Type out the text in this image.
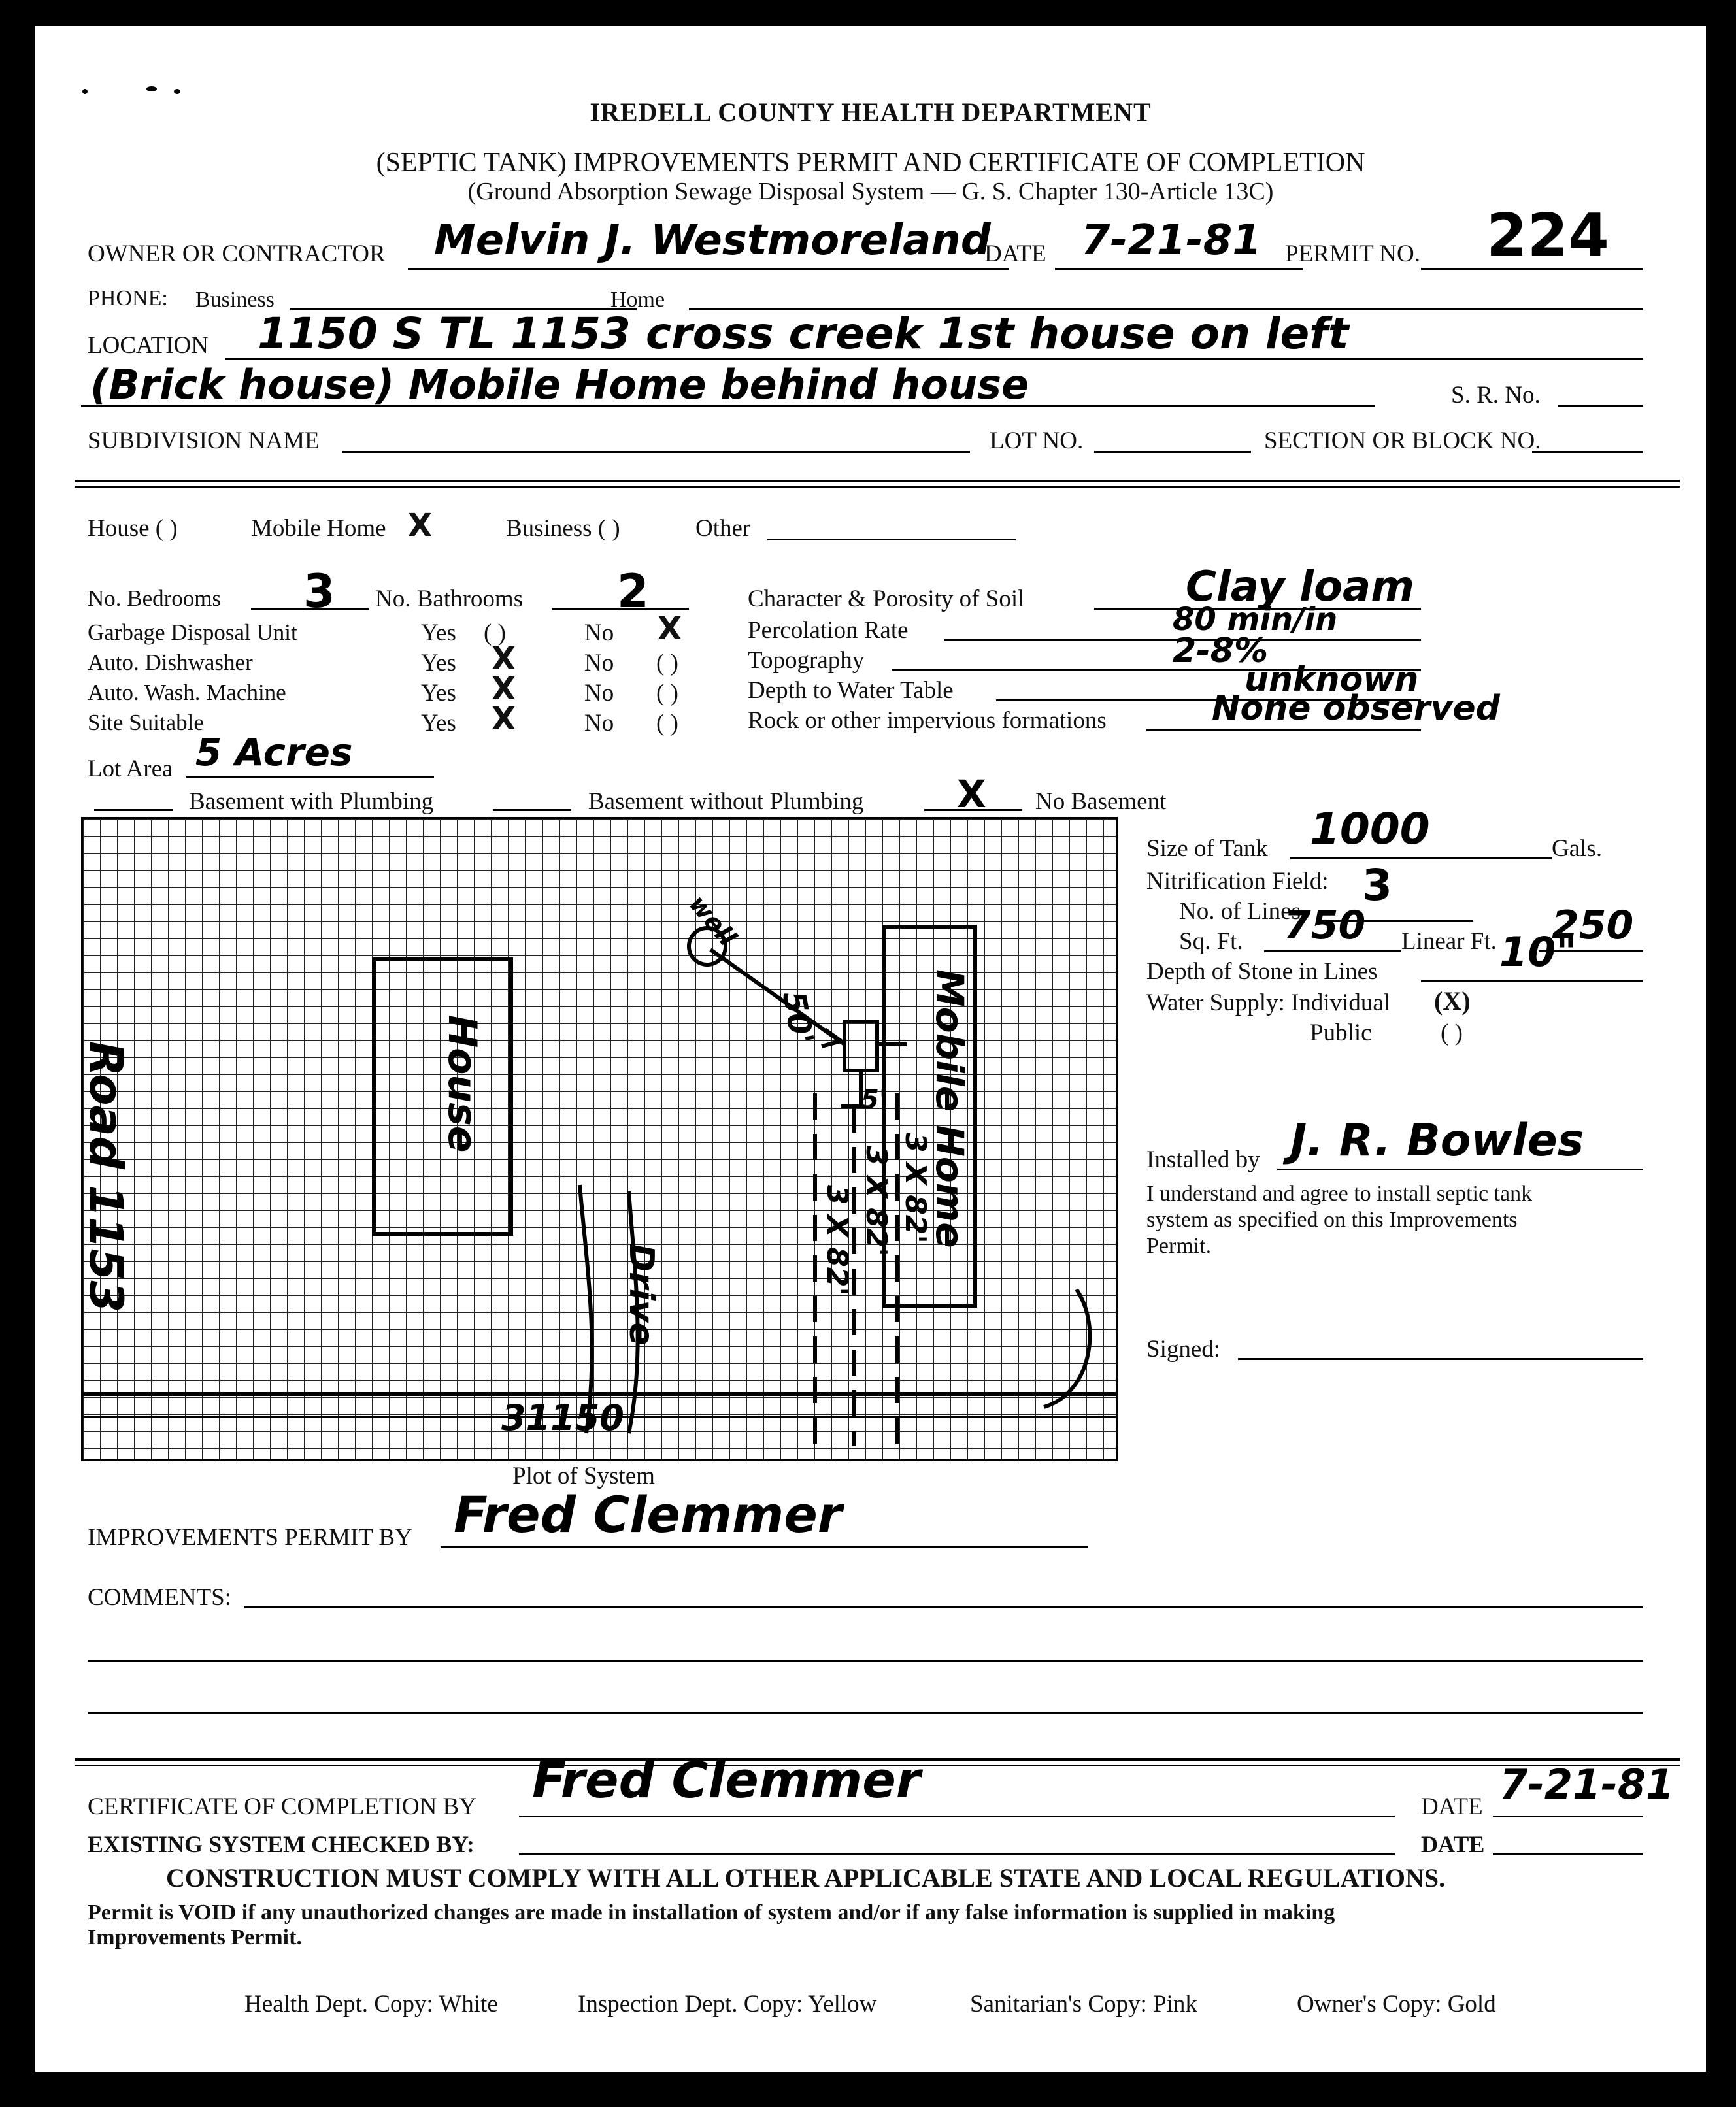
IREDELL COUNTY HEALTH DEPARTMENT
(SEPTIC TANK) IMPROVEMENTS PERMIT AND CERTIFICATE OF COMPLETION
(Ground Absorption Sewage Disposal System — G. S. Chapter 130-Article 13C)
OWNER OR CONTRACTOR Melvin J. Westmoreland
DATE 7-21-81 PERMIT NO. 224
PHONE: Business	Home
LOCATION 1150 S TL 1153 cross creek 1st house on left
(Brick house) Mobile Home behind house	S. R. No.
SUBDIVISION NAME	LOT NO.	SECTION OR BLOCK NO.
House ( )	Mobile Home X	Business ( )	Other
No. Bedrooms 3 No. Bathrooms 2
Garbage Disposal Unit	Yes ( )	No X
Auto. Dishwasher	Yes X	No ( )
Auto. Wash. Machine	Yes X	No ( )
Site Suitable	Yes X	No ( )
Lot Area 5 Acres
Character & Porosity of Soil	Clay loam
Percolation Rate	80 min/in
Topography	2-8%
Depth to Water Table	unknown
Rock or other impervious formations	None observed
Basement with Plumbing	Basement without Plumbing X No Basement
Road 1153	House	Mobile Home
Drive
well
50'
5'
3 X 82' 3 X 82' 3 X 82'
31150
Plot of System
Size of Tank 1000	Gals.
Nitrification Field:
No. of Lines
3
Sq. Ft. 750 Linear Ft. 250
Depth of Stone in Lines	10"
Water Supply: Individual (X)
Public	( )
Installed by J. R. Bowles
I understand and agree to install septic tank
system as specified on this Improvements
Permit.
Signed:
IMPROVEMENTS PERMIT BY Fred Clemmer
COMMENTS:
CERTIFICATE OF COMPLETION BY Fred Clemmer	DATE 7-21-81
EXISTING SYSTEM CHECKED BY:	DATE
CONSTRUCTION MUST COMPLY WITH ALL OTHER APPLICABLE STATE AND LOCAL REGULATIONS.
Permit is VOID if any unauthorized changes are made in installation of system and/or if any false information is supplied in making
Improvements Permit.
Health Dept. Copy: White	Inspection Dept. Copy: Yellow	Sanitarian's Copy: Pink	Owner's Copy: Gold
